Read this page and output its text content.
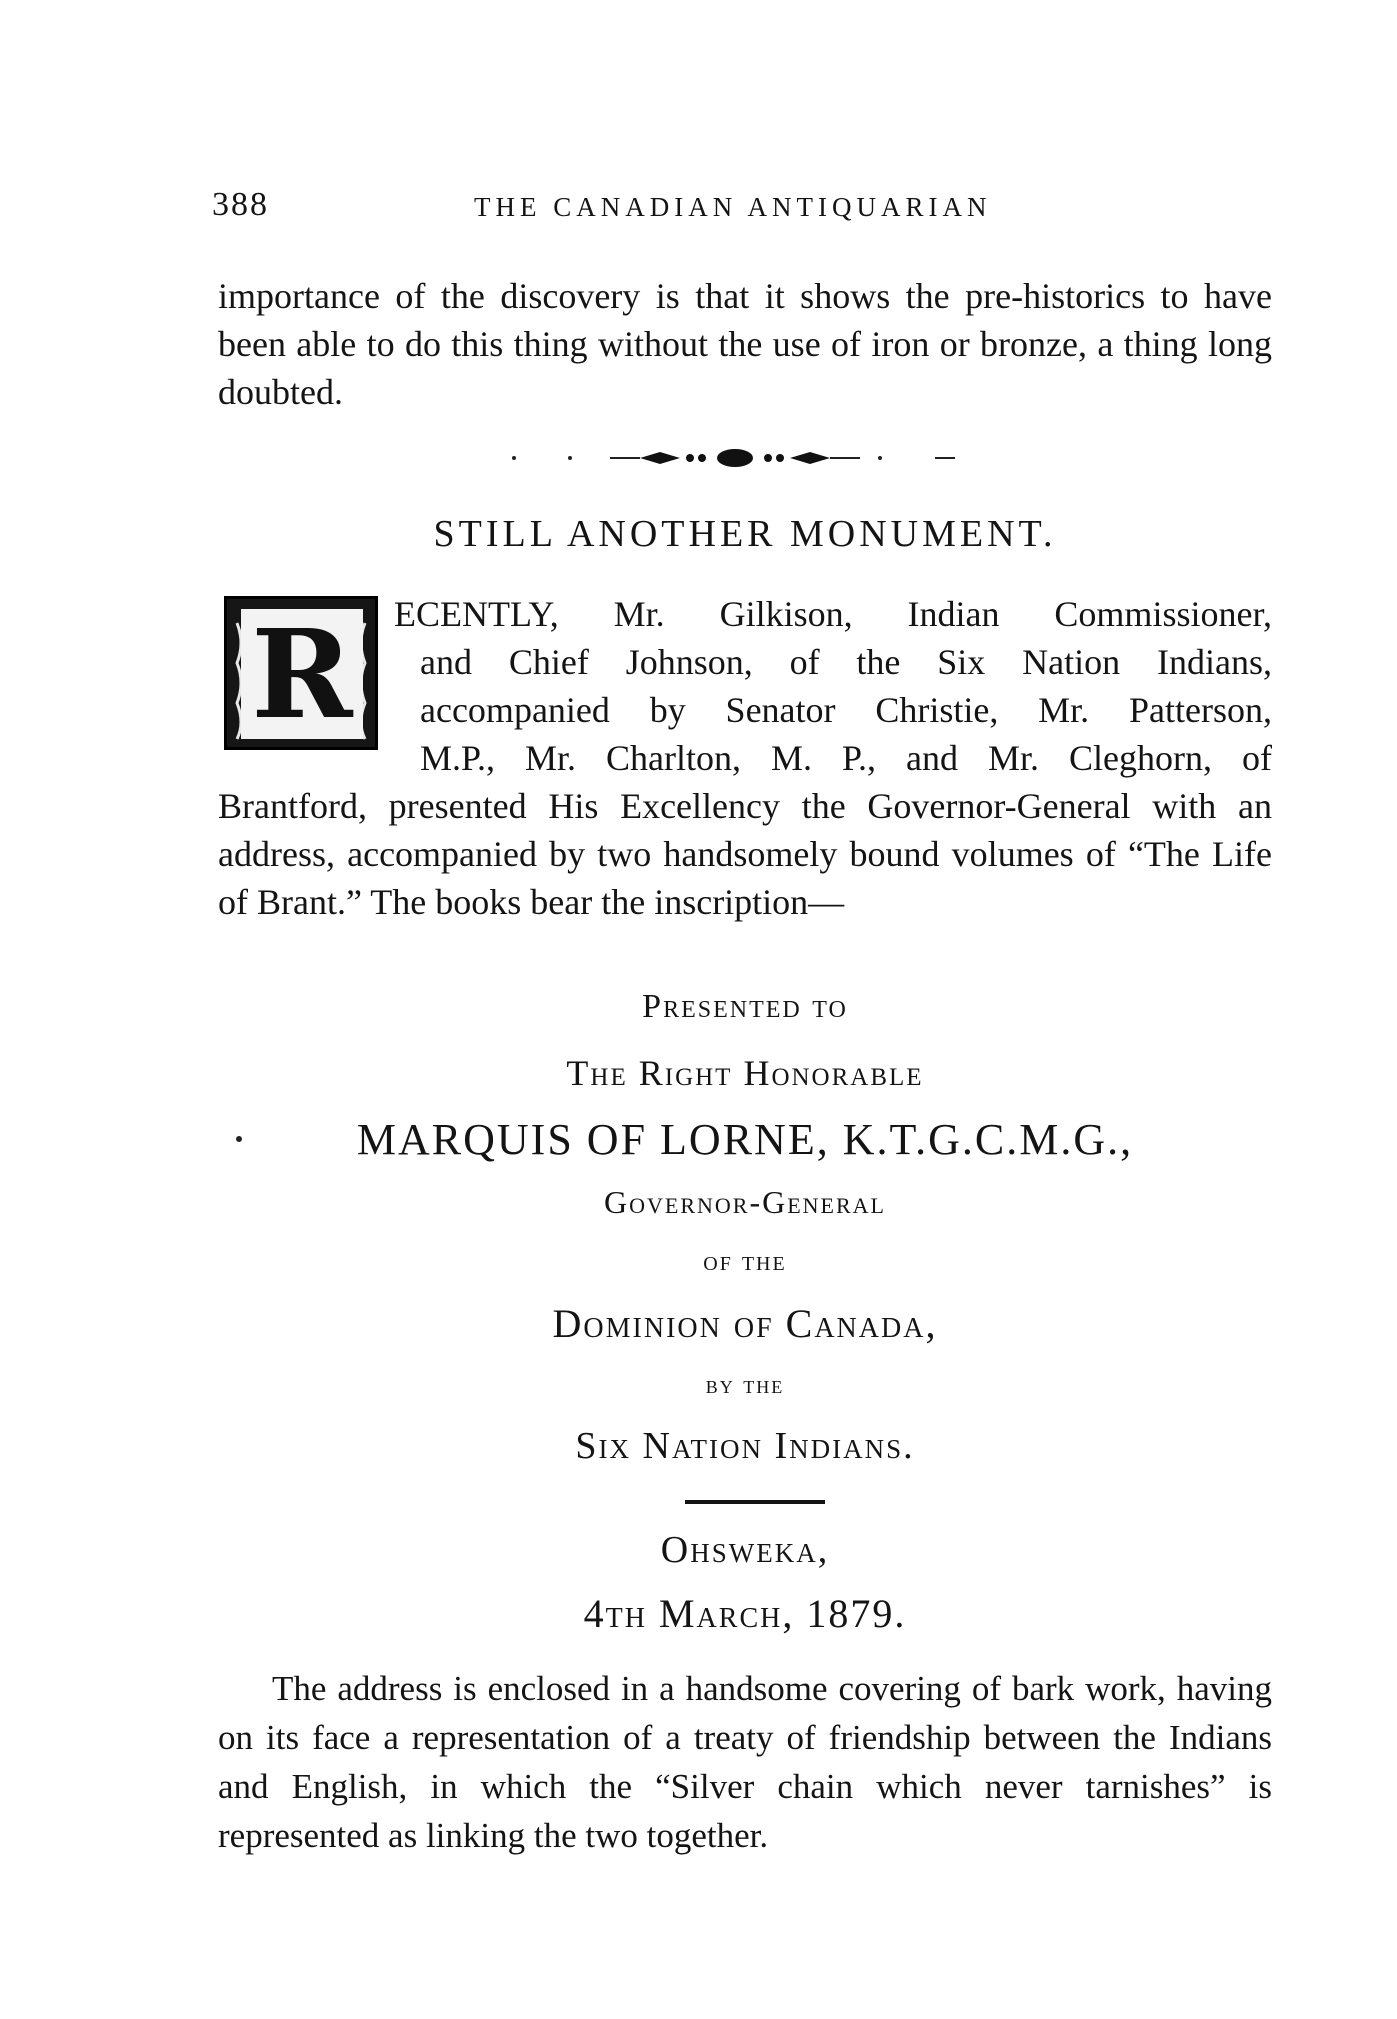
388	THE CANADIAN ANTIQUARIAN

importance of the discovery is that it shows the pre-historics to have been able to do this thing without the use of iron or bronze, a thing long doubted.

STILL ANOTHER MONUMENT.
R ECENTLY, Mr. Gilkison, Indian Commissioner,

and Chief Johnson, of the Six Nation Indians,

accompanied by Senator Christie, Mr. Patterson,

M.P., Mr. Charlton, M. P., and Mr. Cleghorn, of

Brantford, presented His Excellency the Governor-General with an address, accompanied by two handsomely bound volumes of “The Life of Brant.” The books bear the inscription—

Presented to

The Right Honorable

MARQUIS OF LORNE, K.T.G.C.M.G.,

Governor-General

of the

Dominion of Canada,

by the

Six Nation Indians.

Ohsweka,

4th March, 1879.

The address is enclosed in a handsome covering of bark work, having on its face a representation of a treaty of friendship between the Indians and English, in which the “Silver chain which never tarnishes” is represented as linking the two together.
